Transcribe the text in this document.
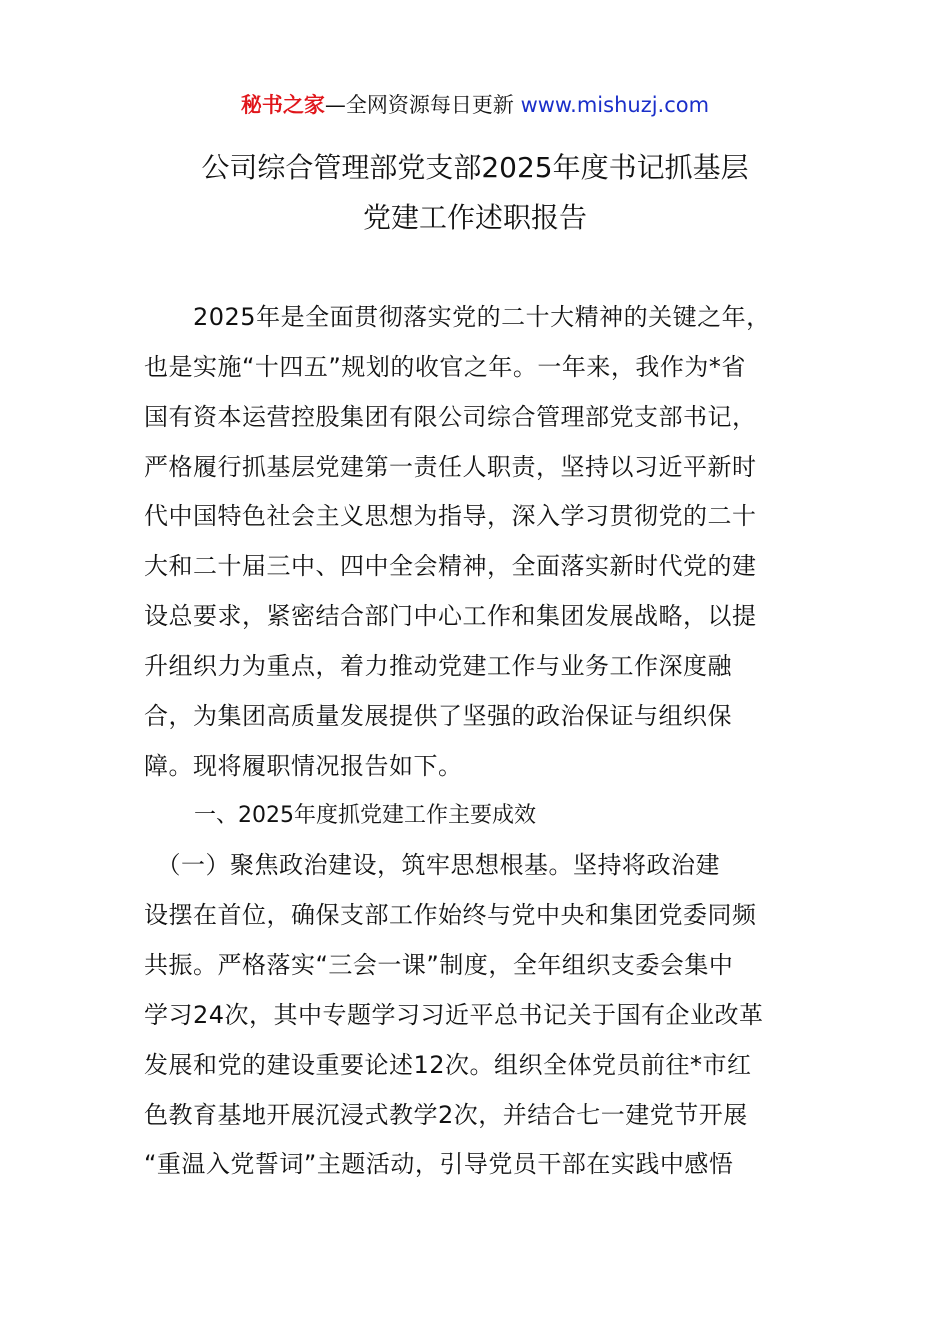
秘书之家—全网资源每日更新 www.mishuzj.com
公司综合管理部党支部2025年度书记抓基层
党建工作述职报告
　　2025年是全面贯彻落实党的二十大精神的关键之年，
也是实施“十四五”规划的收官之年。一年来，我作为*省
国有资本运营控股集团有限公司综合管理部党支部书记，
严格履行抓基层党建第一责任人职责，坚持以习近平新时
代中国特色社会主义思想为指导，深入学习贯彻党的二十
大和二十届三中、四中全会精神，全面落实新时代党的建
设总要求，紧密结合部门中心工作和集团发展战略，以提
升组织力为重点，着力推动党建工作与业务工作深度融
合，为集团高质量发展提供了坚强的政治保证与组织保
障。现将履职情况报告如下。
一、2025年度抓党建工作主要成效
　（一）聚焦政治建设，筑牢思想根基。坚持将政治建
设摆在首位，确保支部工作始终与党中央和集团党委同频
共振。严格落实“三会一课”制度，全年组织支委会集中
学习24次，其中专题学习习近平总书记关于国有企业改革
发展和党的建设重要论述12次。组织全体党员前往*市红
色教育基地开展沉浸式教学2次，并结合七一建党节开展
“重温入党誓词”主题活动，引导党员干部在实践中感悟
